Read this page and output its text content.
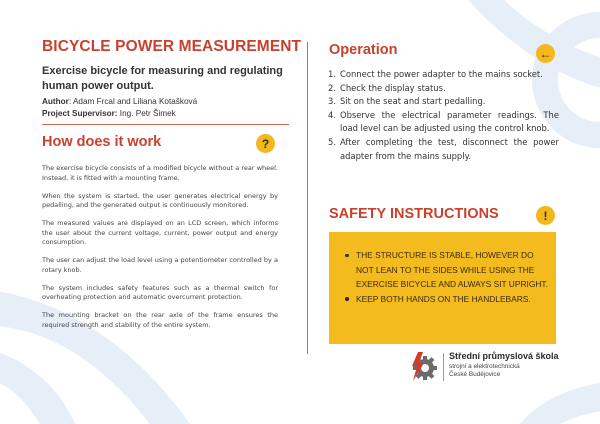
BICYCLE POWER MEASUREMENT
Exercise bicycle for measuring and regulating human power output.
Author: Adam Frcal and Liliana Kotašková
Project Supervisor: Ing. Petr Šimek
How does it work	?

The exercise bicycle consists of a modified bicycle without a rear wheel. Instead, it is fitted with a mounting frame.

When the system is started, the user generates electrical energy by pedalling, and the generated output is continuously monitored.

The measured values are displayed on an LCD screen, which informs the user about the current voltage, current, power output and energy consumption.

The user can adjust the load level using a potentiometer controlled by a rotary knob.

The system includes safety features such as a thermal switch for overheating protection and automatic overcurrent protection.

The mounting bracket on the rear axle of the frame ensures the required strength and stability of the entire system.

Operation	←
1. Connect the power adapter to the mains socket.
2. Check the display status.
3. Sit on the seat and start pedalling.
4. Observe the electrical parameter readings. The load level can be adjusted using the control knob.
5. After completing the test, disconnect the power adapter from the mains supply.
SAFETY INSTRUCTIONS	!
THE STRUCTURE IS STABLE, HOWEVER DO NOT LEAN TO THE SIDES WHILE USING THE EXERCISE BICYCLE AND ALWAYS SIT UPRIGHT.
KEEP BOTH HANDS ON THE HANDLEBARS.
Střední průmyslová škola
strojní a elektrotechnická
České Budějovice
